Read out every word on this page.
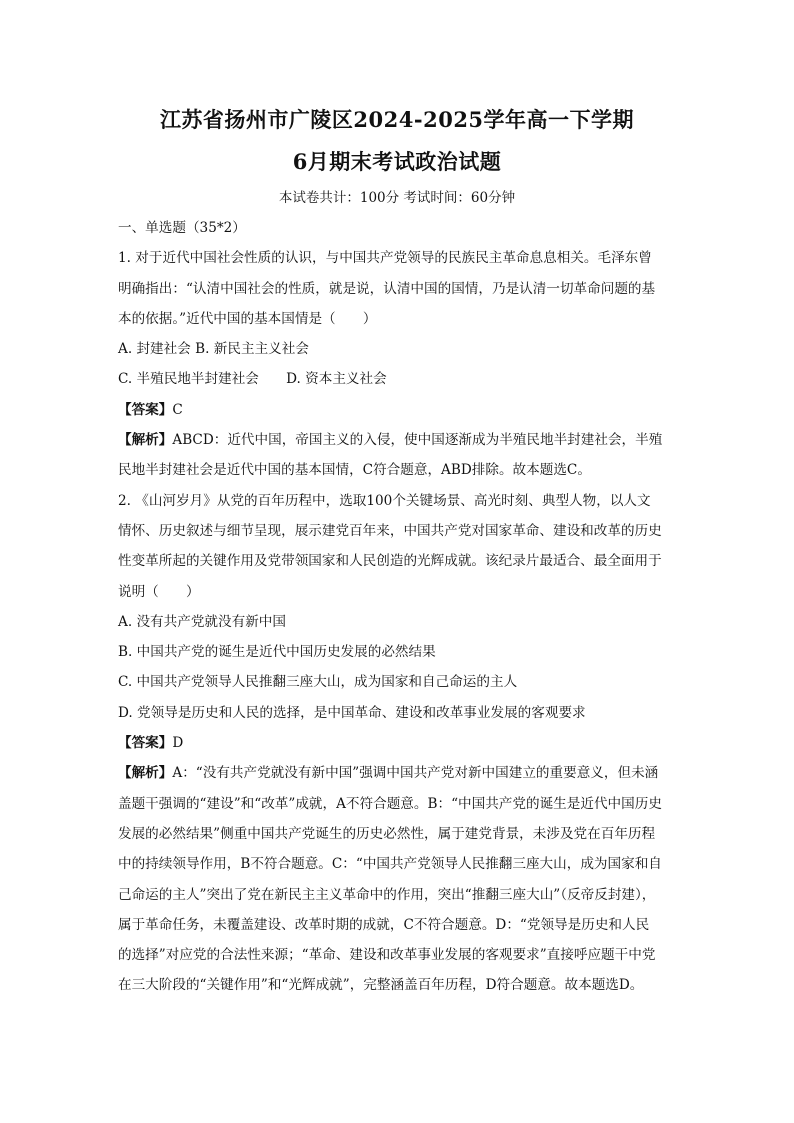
江苏省扬州市广陵区2024-2025学年高一下学期
6月期末考试政治试题
本试卷共计：100分 考试时间：60分钟
一、单选题（35*2）
1. 对于近代中国社会性质的认识，与中国共产党领导的民族民主革命息息相关。毛泽东曾
明确指出：“认清中国社会的性质，就是说，认清中国的国情，乃是认清一切革命问题的基
本的依据。”近代中国的基本国情是（　　）
A. 封建社会 B. 新民主主义社会
C. 半殖民地半封建社会　　D. 资本主义社会
【答案】C
【解析】ABCD：近代中国，帝国主义的入侵，使中国逐渐成为半殖民地半封建社会，半殖
民地半封建社会是近代中国的基本国情，C符合题意，ABD排除。故本题选C。
2. 《山河岁月》从党的百年历程中，选取100个关键场景、高光时刻、典型人物，以人文
情怀、历史叙述与细节呈现，展示建党百年来，中国共产党对国家革命、建设和改革的历史
性变革所起的关键作用及党带领国家和人民创造的光辉成就。该纪录片最适合、最全面用于
说明（　　）
A. 没有共产党就没有新中国
B. 中国共产党的诞生是近代中国历史发展的必然结果
C. 中国共产党领导人民推翻三座大山，成为国家和自己命运的主人
D. 党领导是历史和人民的选择，是中国革命、建设和改革事业发展的客观要求
【答案】D
【解析】A：“没有共产党就没有新中国”强调中国共产党对新中国建立的重要意义，但未涵
盖题干强调的“建设”和“改革”成就，A不符合题意。B：“中国共产党的诞生是近代中国历史
发展的必然结果”侧重中国共产党诞生的历史必然性，属于建党背景，未涉及党在百年历程
中的持续领导作用，B不符合题意。C：“中国共产党领导人民推翻三座大山，成为国家和自
己命运的主人”突出了党在新民主主义革命中的作用，突出“推翻三座大山”（反帝反封建），
属于革命任务，未覆盖建设、改革时期的成就，C不符合题意。D：“党领导是历史和人民
的选择”对应党的合法性来源；“革命、建设和改革事业发展的客观要求”直接呼应题干中党
在三大阶段的“关键作用”和“光辉成就”，完整涵盖百年历程，D符合题意。故本题选D。
